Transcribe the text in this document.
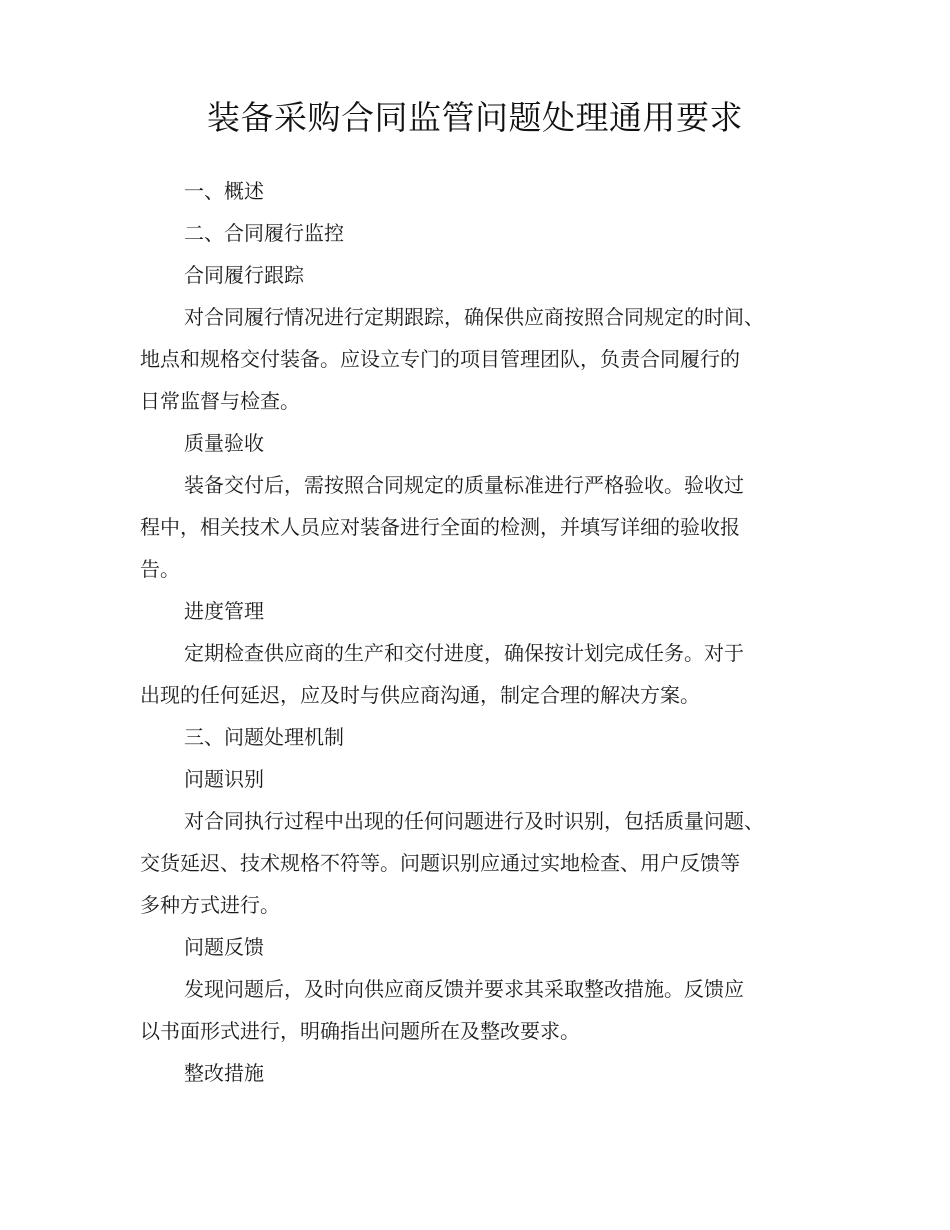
装备采购合同监管问题处理通用要求
一、概述
二、合同履行监控
合同履行跟踪
对合同履行情况进行定期跟踪，确保供应商按照合同规定的时间、
地点和规格交付装备。应设立专门的项目管理团队，负责合同履行的
日常监督与检查。
质量验收
装备交付后，需按照合同规定的质量标准进行严格验收。验收过
程中，相关技术人员应对装备进行全面的检测，并填写详细的验收报
告。
进度管理
定期检查供应商的生产和交付进度，确保按计划完成任务。对于
出现的任何延迟，应及时与供应商沟通，制定合理的解决方案。
三、问题处理机制
问题识别
对合同执行过程中出现的任何问题进行及时识别，包括质量问题、
交货延迟、技术规格不符等。问题识别应通过实地检查、用户反馈等
多种方式进行。
问题反馈
发现问题后，及时向供应商反馈并要求其采取整改措施。反馈应
以书面形式进行，明确指出问题所在及整改要求。
整改措施
